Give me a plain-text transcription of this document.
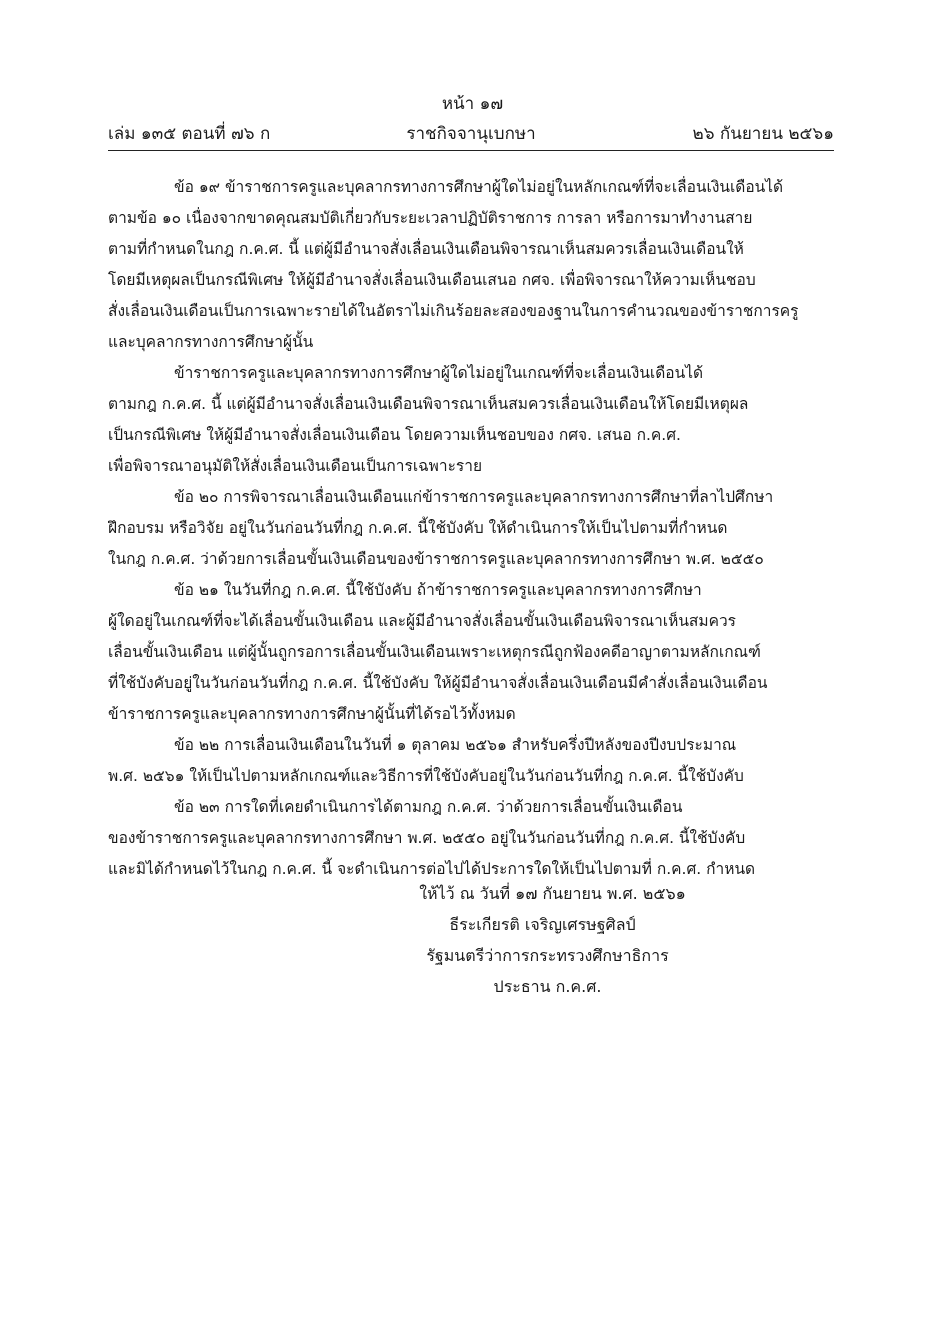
หน้า ๑๗
เล่ม ๑๓๕ ตอนที่ ๗๖ ก	ราชกิจจานุเบกษา	๒๖ กันยายน ๒๕๖๑

ข้อ ๑๙ ข้าราชการครูและบุคลากรทางการศึกษาผู้ใดไม่อยู่ในหลักเกณฑ์ที่จะเลื่อนเงินเดือนได้
ตามข้อ ๑๐ เนื่องจากขาดคุณสมบัติเกี่ยวกับระยะเวลาปฏิบัติราชการ การลา หรือการมาทำงานสาย
ตามที่กำหนดในกฎ ก.ค.ศ. นี้ แต่ผู้มีอำนาจสั่งเลื่อนเงินเดือนพิจารณาเห็นสมควรเลื่อนเงินเดือนให้
โดยมีเหตุผลเป็นกรณีพิเศษ ให้ผู้มีอำนาจสั่งเลื่อนเงินเดือนเสนอ กศจ. เพื่อพิจารณาให้ความเห็นชอบ
สั่งเลื่อนเงินเดือนเป็นการเฉพาะรายได้ในอัตราไม่เกินร้อยละสองของฐานในการคำนวณของข้าราชการครู
และบุคลากรทางการศึกษาผู้นั้น

ข้าราชการครูและบุคลากรทางการศึกษาผู้ใดไม่อยู่ในเกณฑ์ที่จะเลื่อนเงินเดือนได้
ตามกฎ ก.ค.ศ. นี้ แต่ผู้มีอำนาจสั่งเลื่อนเงินเดือนพิจารณาเห็นสมควรเลื่อนเงินเดือนให้โดยมีเหตุผล
เป็นกรณีพิเศษ ให้ผู้มีอำนาจสั่งเลื่อนเงินเดือน โดยความเห็นชอบของ กศจ. เสนอ ก.ค.ศ.
เพื่อพิจารณาอนุมัติให้สั่งเลื่อนเงินเดือนเป็นการเฉพาะราย

ข้อ ๒๐ การพิจารณาเลื่อนเงินเดือนแก่ข้าราชการครูและบุคลากรทางการศึกษาที่ลาไปศึกษา
ฝึกอบรม หรือวิจัย อยู่ในวันก่อนวันที่กฎ ก.ค.ศ. นี้ใช้บังคับ ให้ดำเนินการให้เป็นไปตามที่กำหนด
ในกฎ ก.ค.ศ. ว่าด้วยการเลื่อนขั้นเงินเดือนของข้าราชการครูและบุคลากรทางการศึกษา พ.ศ. ๒๕๕๐

ข้อ ๒๑ ในวันที่กฎ ก.ค.ศ. นี้ใช้บังคับ ถ้าข้าราชการครูและบุคลากรทางการศึกษา
ผู้ใดอยู่ในเกณฑ์ที่จะได้เลื่อนขั้นเงินเดือน และผู้มีอำนาจสั่งเลื่อนขั้นเงินเดือนพิจารณาเห็นสมควร
เลื่อนขั้นเงินเดือน แต่ผู้นั้นถูกรอการเลื่อนขั้นเงินเดือนเพราะเหตุกรณีถูกฟ้องคดีอาญาตามหลักเกณฑ์
ที่ใช้บังคับอยู่ในวันก่อนวันที่กฎ ก.ค.ศ. นี้ใช้บังคับ ให้ผู้มีอำนาจสั่งเลื่อนเงินเดือนมีคำสั่งเลื่อนเงินเดือน
ข้าราชการครูและบุคลากรทางการศึกษาผู้นั้นที่ได้รอไว้ทั้งหมด

ข้อ ๒๒ การเลื่อนเงินเดือนในวันที่ ๑ ตุลาคม ๒๕๖๑ สำหรับครึ่งปีหลังของปีงบประมาณ
พ.ศ. ๒๕๖๑ ให้เป็นไปตามหลักเกณฑ์และวิธีการที่ใช้บังคับอยู่ในวันก่อนวันที่กฎ ก.ค.ศ. นี้ใช้บังคับ

ข้อ ๒๓ การใดที่เคยดำเนินการได้ตามกฎ ก.ค.ศ. ว่าด้วยการเลื่อนขั้นเงินเดือน
ของข้าราชการครูและบุคลากรทางการศึกษา พ.ศ. ๒๕๕๐ อยู่ในวันก่อนวันที่กฎ ก.ค.ศ. นี้ใช้บังคับ
และมิได้กำหนดไว้ในกฎ ก.ค.ศ. นี้ จะดำเนินการต่อไปได้ประการใดให้เป็นไปตามที่ ก.ค.ศ. กำหนด

ให้ไว้ ณ วันที่ ๑๗ กันยายน พ.ศ. ๒๕๖๑
ธีระเกียรติ เจริญเศรษฐศิลป์
รัฐมนตรีว่าการกระทรวงศึกษาธิการ
ประธาน ก.ค.ศ.
